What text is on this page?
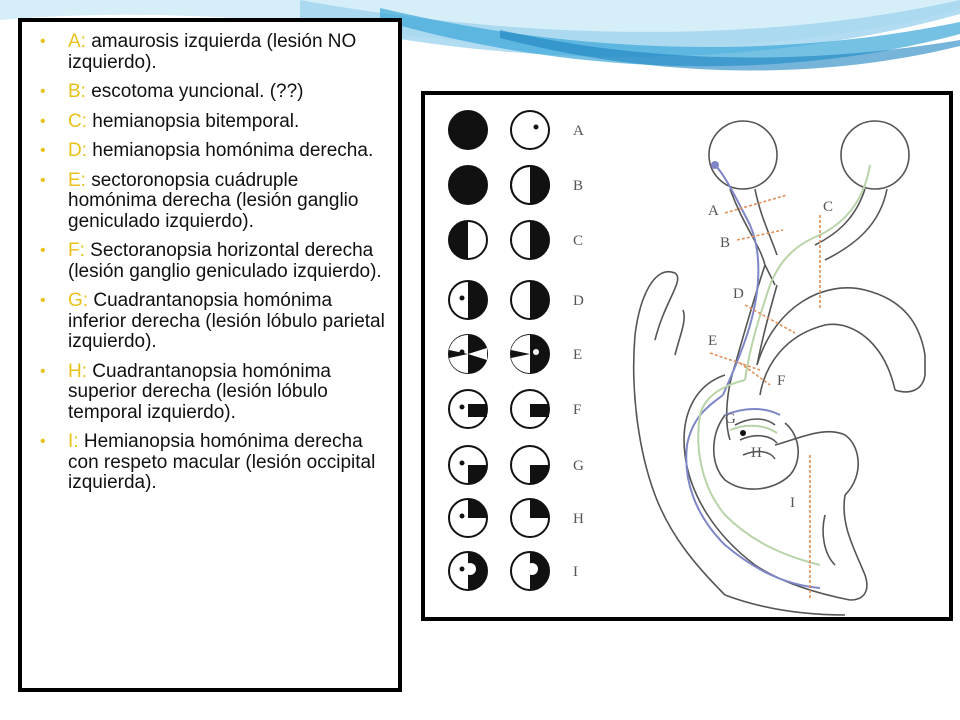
• A: amaurosis izquierda (lesión NO izquierdo).
• B: escotoma yuncional. (??)
• C: hemianopsia bitemporal.
• D: hemianopsia homónima derecha.
• E: sectoronopsia cuádruple homónima derecha (lesión ganglio geniculado izquierdo).
• F: Sectoranopsia horizontal derecha (lesión ganglio geniculado izquierdo).
• G: Cuadrantanopsia homónima inferior derecha (lesión lóbulo parietal izquierdo).
• H: Cuadrantanopsia homónima superior derecha (lesión lóbulo temporal izquierdo).
• I: Hemianopsia homónima derecha con respeto macular (lesión occipital izquierda).
A
B
C
D
E
F
G
H
I
A	C
B
D
E
F
G
H
I
